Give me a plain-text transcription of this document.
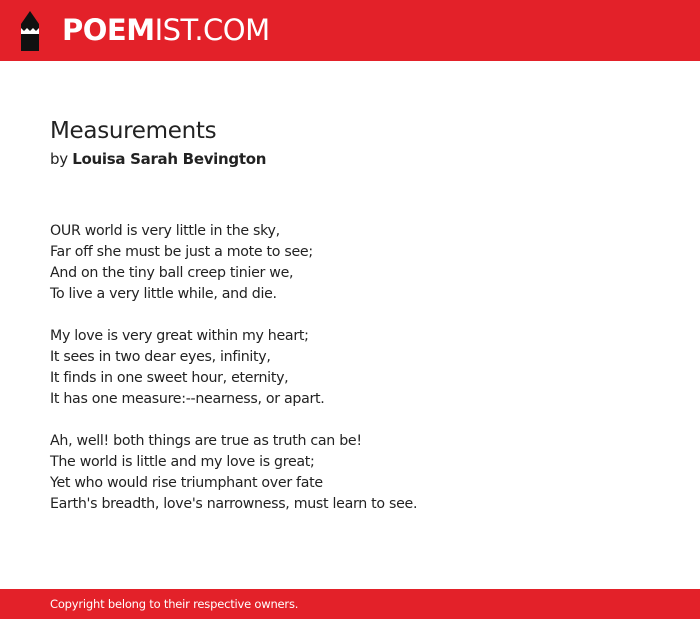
POEMIST.COM
Measurements
by Louisa Sarah Bevington
OUR world is very little in the sky,
Far off she must be just a mote to see;
And on the tiny ball creep tinier we,
To live a very little while, and die.
My love is very great within my heart;
It sees in two dear eyes, infinity,
It finds in one sweet hour, eternity,
It has one measure:--nearness, or apart.
Ah, well! both things are true as truth can be!
The world is little and my love is great;
Yet who would rise triumphant over fate
Earth's breadth, love's narrowness, must learn to see.
Copyright belong to their respective owners.
